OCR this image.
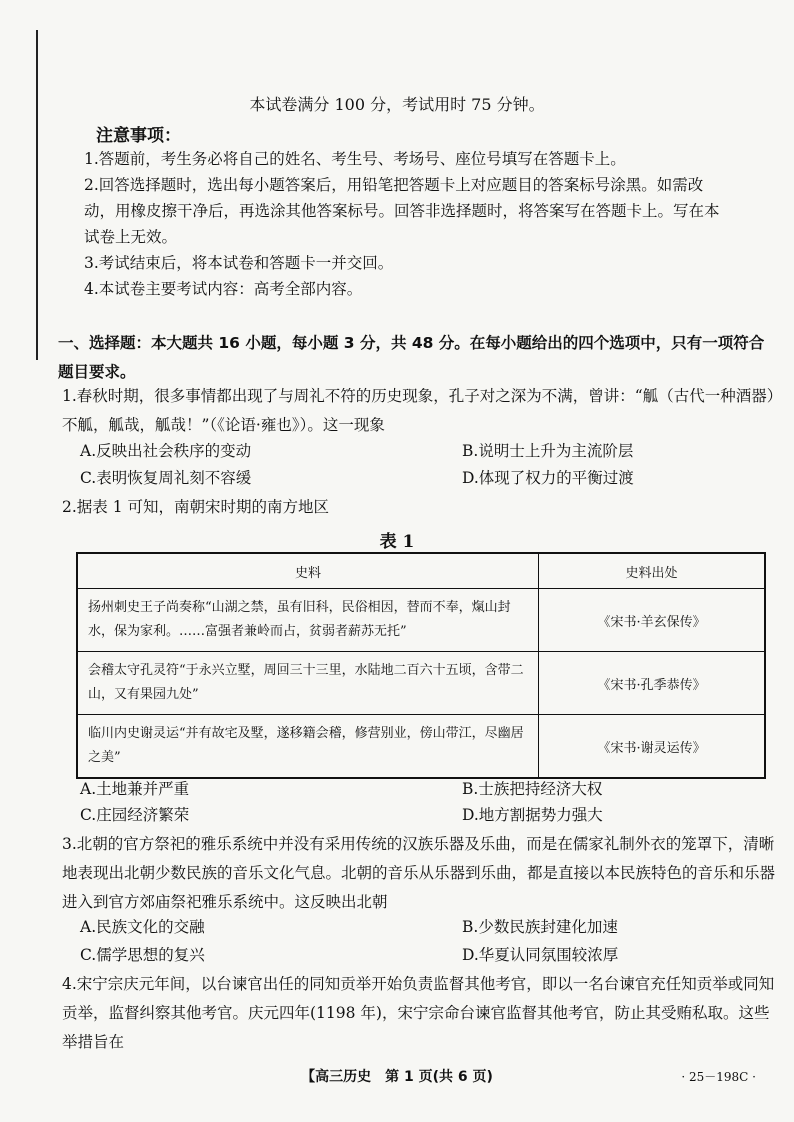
本试卷满分 100 分，考试用时 75 分钟。
注意事项：
1.答题前，考生务必将自己的姓名、考生号、考场号、座位号填写在答题卡上。
2.回答选择题时，选出每小题答案后，用铅笔把答题卡上对应题目的答案标号涂黑。如需改动，用橡皮擦干净后，再选涂其他答案标号。回答非选择题时，将答案写在答题卡上。写在本试卷上无效。
3.考试结束后，将本试卷和答题卡一并交回。
4.本试卷主要考试内容：高考全部内容。
一、选择题：本大题共 16 小题，每小题 3 分，共 48 分。在每小题给出的四个选项中，只有一项符合题目要求。
1.春秋时期，很多事情都出现了与周礼不符的历史现象，孔子对之深为不满，曾讲：“觚（古代一种酒器）不觚，觚哉，觚哉！”（《论语·雍也》）。这一现象
A.反映出社会秩序的变动	B.说明士上升为主流阶层
C.表明恢复周礼刻不容缓	D.体现了权力的平衡过渡
2.据表 1 可知，南朝宋时期的南方地区
表 1
史料	史料出处
扬州刺史王子尚奏称“山湖之禁，虽有旧科，民俗相因，替而不奉，熂山封水，保为家利。……富强者兼岭而占，贫弱者薪苏无托”	《宋书·羊玄保传》
会稽太守孔灵符“于永兴立墅，周回三十三里，水陆地二百六十五顷，含带二山，又有果园九处”	《宋书·孔季恭传》
临川内史谢灵运“并有故宅及墅，遂移籍会稽，修营别业，傍山带江，尽幽居之美”	《宋书·谢灵运传》
A.土地兼并严重	B.士族把持经济大权
C.庄园经济繁荣	D.地方割据势力强大
3.北朝的官方祭祀的雅乐系统中并没有采用传统的汉族乐器及乐曲，而是在儒家礼制外衣的笼罩下，清晰地表现出北朝少数民族的音乐文化气息。北朝的音乐从乐器到乐曲，都是直接以本民族特色的音乐和乐器进入到官方郊庙祭祀雅乐系统中。这反映出北朝
A.民族文化的交融	B.少数民族封建化加速
C.儒学思想的复兴	D.华夏认同氛围较浓厚
4.宋宁宗庆元年间，以台谏官出任的同知贡举开始负责监督其他考官，即以一名台谏官充任知贡举或同知贡举，监督纠察其他考官。庆元四年(1198 年)，宋宁宗命台谏官监督其他考官，防止其受贿私取。这些举措旨在
【高三历史　第 1 页(共 6 页)	· 25－198C ·
